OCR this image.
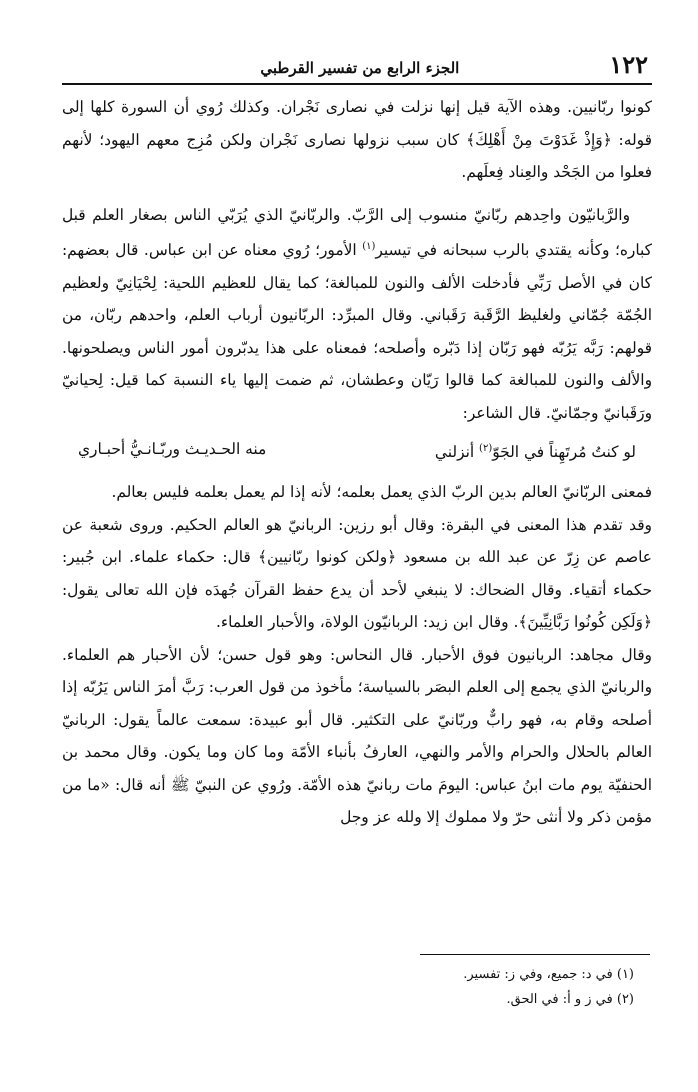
١٢٢
الجزء الرابع من تفسير القرطبي

كونوا ربّانيين. وهذه الآية قيل إنها نزلت في نصارى نَجْران. وكذلك رُوي أن السورة كلها إلى قوله: ﴿وَإِذْ غَدَوْتَ مِنْ أَهْلِكَ﴾ كان سبب نزولها نصارى نَجْران ولكن مُزِج معهم اليهود؛ لأنهم فعلوا من الجَحْد والعِناد فِعلَهم.

والرَّبانيّون واحِدهم ربّانيّ منسوب إلى الرَّبّ. والربّانيّ الذي يُرَبّي الناس بصغار العلم قبل كباره؛ وكأنه يقتدي بالرب سبحانه في تيسير$^{(١)}$ الأمور؛ رُوي معناه عن ابن عباس. قال بعضهم: كان في الأصل رَبِّي فأدخلت الألف والنون للمبالغة؛ كما يقال للعظيم اللحية: لِحْيَانِيّ ولعظيم الجُمّة جُمّاني ولغليظ الرَّقَبة رَقَباني. وقال المبرِّد: الربّانيون أرباب العلم، واحدهم ربّان، من قولهم: رَبَّه يَرُبّه فهو رَبّان إذا دَبّره وأصلحه؛ فمعناه على هذا يدبّرون أمور الناس ويصلحونها. والألف والنون للمبالغة كما قالوا رَيّان وعطشان، ثم ضمت إليها ياء النسبة كما قيل: لِحيانيّ ورَقَبانيّ وجمّانيّ. قال الشاعر:

لو كنتُ مُرتَهِناً في الجَوّ$^{(٢)}$ أنزلني
منه الحـديـث وربّـانـيُّ أحبـاري

فمعنى الربّانيّ العالم بدين الربّ الذي يعمل بعلمه؛ لأنه إذا لم يعمل بعلمه فليس بعالم.

وقد تقدم هذا المعنى في البقرة: وقال أبو رزين: الربانيّ هو العالم الحكيم. وروى شعبة عن عاصم عن زِرّ عن عبد الله بن مسعود ﴿ولكن كونوا ربّانيين﴾ قال: حكماء علماء. ابن جُبير: حكماء أتقياء. وقال الضحاك: لا ينبغي لأحد أن يدع حفظ القرآن جُهدَه فإن الله تعالى يقول: ﴿وَلَكِن كُونُوا رَبَّانِيِّينَ﴾. وقال ابن زيد: الربانيّون الولاة، والأحبار العلماء.

وقال مجاهد: الربانيون فوق الأحبار. قال النحاس: وهو قول حسن؛ لأن الأحبار هم العلماء. والربانيّ الذي يجمع إلى العلم البصَر بالسياسة؛ مأخوذ من قول العرب: رَبَّ أمرَ الناس يَرُبّه إذا أصلحه وقام به، فهو رابٌّ وربّانيّ على التكثير. قال أبو عبيدة: سمعت عالماً يقول: الربانيّ العالم بالحلال والحرام والأمر والنهي، العارفُ بأنباء الأمّة وما كان وما يكون. وقال محمد بن الحنفيّة يوم مات ابنُ عباس: اليومَ مات ربانيّ هذه الأمّة. ورُوي عن النبيّ ﷺ أنه قال: «ما من مؤمن ذكر ولا أنثى حرّ ولا مملوك إلا ولله عز وجل

(١) في د: جميع، وفي ز: تفسير.
(٢) في ز و أ: في الحق.
